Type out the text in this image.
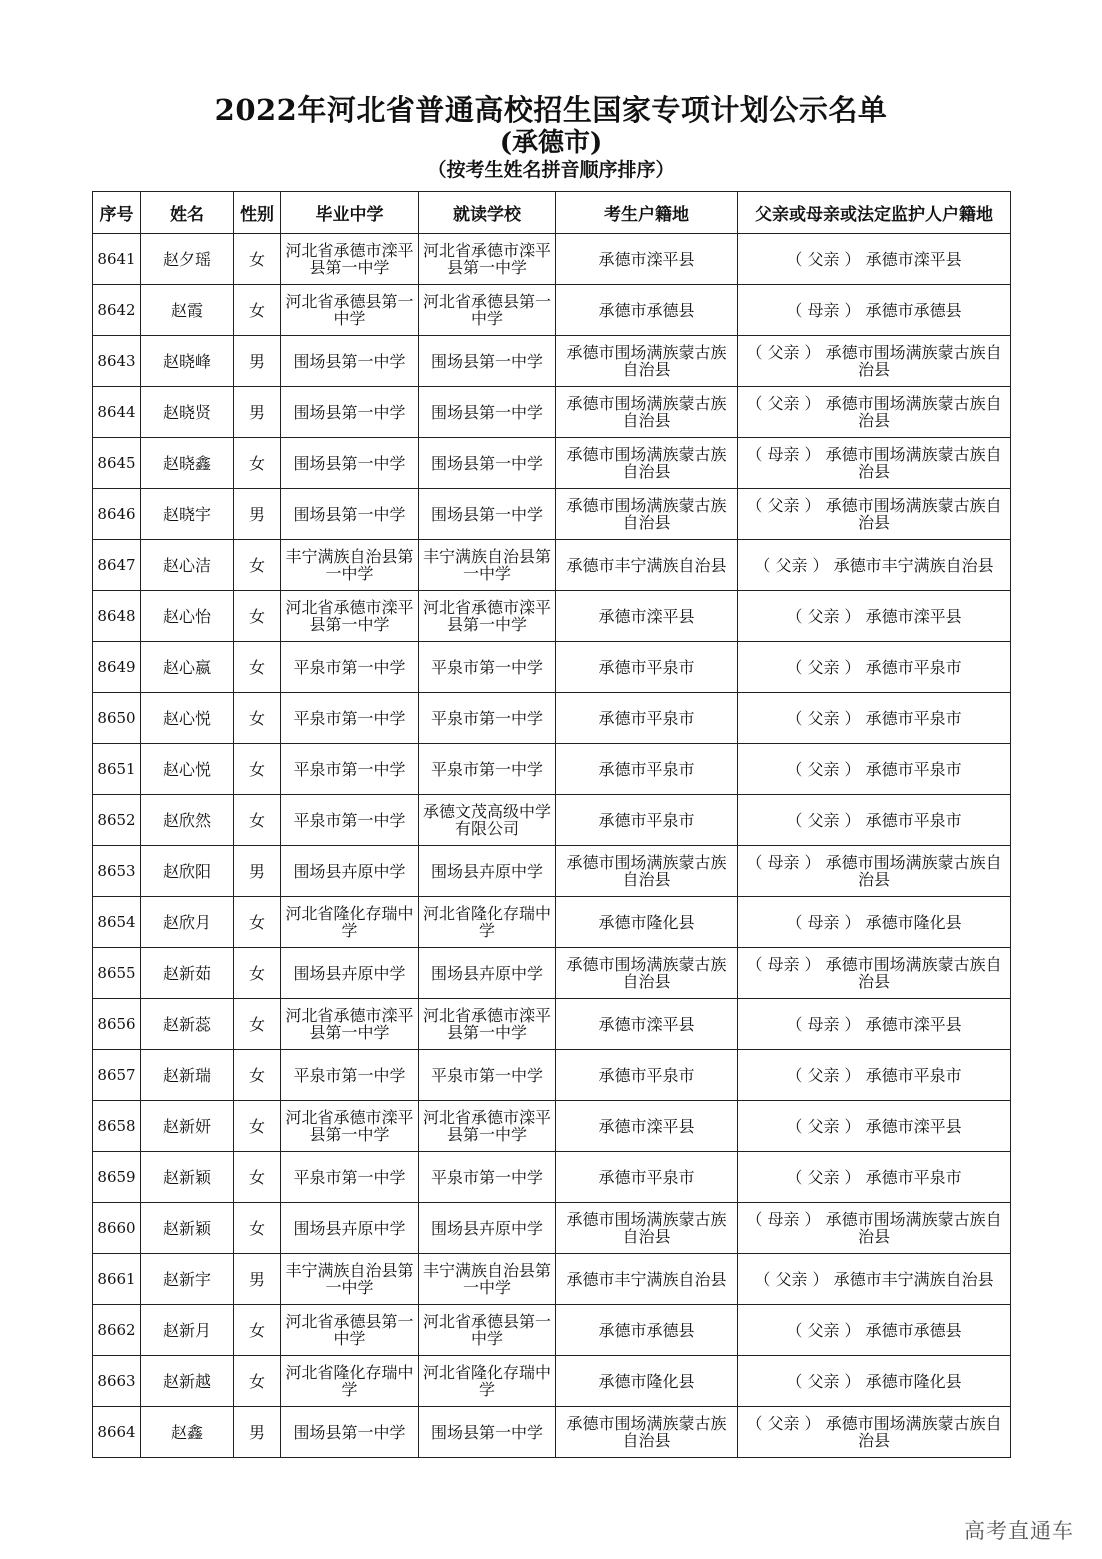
2022年河北省普通高校招生国家专项计划公示名单
(承德市)
（按考生姓名拼音顺序排序）
序号	姓名	性别	毕业中学	就读学校	考生户籍地	父亲或母亲或法定监护人户籍地
8641	赵夕瑶	女	河北省承德市滦平县第一中学	河北省承德市滦平县第一中学	承德市滦平县	（ 父亲 ） 承德市滦平县
8642	赵霞	女	河北省承德县第一中学	河北省承德县第一中学	承德市承德县	（ 母亲 ） 承德市承德县
8643	赵晓峰	男	围场县第一中学	围场县第一中学	承德市围场满族蒙古族自治县	（ 父亲 ） 承德市围场满族蒙古族自治县
8644	赵晓贤	男	围场县第一中学	围场县第一中学	承德市围场满族蒙古族自治县	（ 父亲 ） 承德市围场满族蒙古族自治县
8645	赵晓鑫	女	围场县第一中学	围场县第一中学	承德市围场满族蒙古族自治县	（ 母亲 ） 承德市围场满族蒙古族自治县
8646	赵晓宇	男	围场县第一中学	围场县第一中学	承德市围场满族蒙古族自治县	（ 父亲 ） 承德市围场满族蒙古族自治县
8647	赵心洁	女	丰宁满族自治县第一中学	丰宁满族自治县第一中学	承德市丰宁满族自治县	（ 父亲 ） 承德市丰宁满族自治县
8648	赵心怡	女	河北省承德市滦平县第一中学	河北省承德市滦平县第一中学	承德市滦平县	（ 父亲 ） 承德市滦平县
8649	赵心嬴	女	平泉市第一中学	平泉市第一中学	承德市平泉市	（ 父亲 ） 承德市平泉市
8650	赵心悦	女	平泉市第一中学	平泉市第一中学	承德市平泉市	（ 父亲 ） 承德市平泉市
8651	赵心悦	女	平泉市第一中学	平泉市第一中学	承德市平泉市	（ 父亲 ） 承德市平泉市
8652	赵欣然	女	平泉市第一中学	承德文茂高级中学有限公司	承德市平泉市	（ 父亲 ） 承德市平泉市
8653	赵欣阳	男	围场县卉原中学	围场县卉原中学	承德市围场满族蒙古族自治县	（ 母亲 ） 承德市围场满族蒙古族自治县
8654	赵欣月	女	河北省隆化存瑞中学	河北省隆化存瑞中学	承德市隆化县	（ 母亲 ） 承德市隆化县
8655	赵新茹	女	围场县卉原中学	围场县卉原中学	承德市围场满族蒙古族自治县	（ 母亲 ） 承德市围场满族蒙古族自治县
8656	赵新蕊	女	河北省承德市滦平县第一中学	河北省承德市滦平县第一中学	承德市滦平县	（ 母亲 ） 承德市滦平县
8657	赵新瑞	女	平泉市第一中学	平泉市第一中学	承德市平泉市	（ 父亲 ） 承德市平泉市
8658	赵新妍	女	河北省承德市滦平县第一中学	河北省承德市滦平县第一中学	承德市滦平县	（ 父亲 ） 承德市滦平县
8659	赵新颖	女	平泉市第一中学	平泉市第一中学	承德市平泉市	（ 父亲 ） 承德市平泉市
8660	赵新颖	女	围场县卉原中学	围场县卉原中学	承德市围场满族蒙古族自治县	（ 母亲 ） 承德市围场满族蒙古族自治县
8661	赵新宇	男	丰宁满族自治县第一中学	丰宁满族自治县第一中学	承德市丰宁满族自治县	（ 父亲 ） 承德市丰宁满族自治县
8662	赵新月	女	河北省承德县第一中学	河北省承德县第一中学	承德市承德县	（ 父亲 ） 承德市承德县
8663	赵新越	女	河北省隆化存瑞中学	河北省隆化存瑞中学	承德市隆化县	（ 父亲 ） 承德市隆化县
8664	赵鑫	男	围场县第一中学	围场县第一中学	承德市围场满族蒙古族自治县	（ 父亲 ） 承德市围场满族蒙古族自治县
高考直通车
